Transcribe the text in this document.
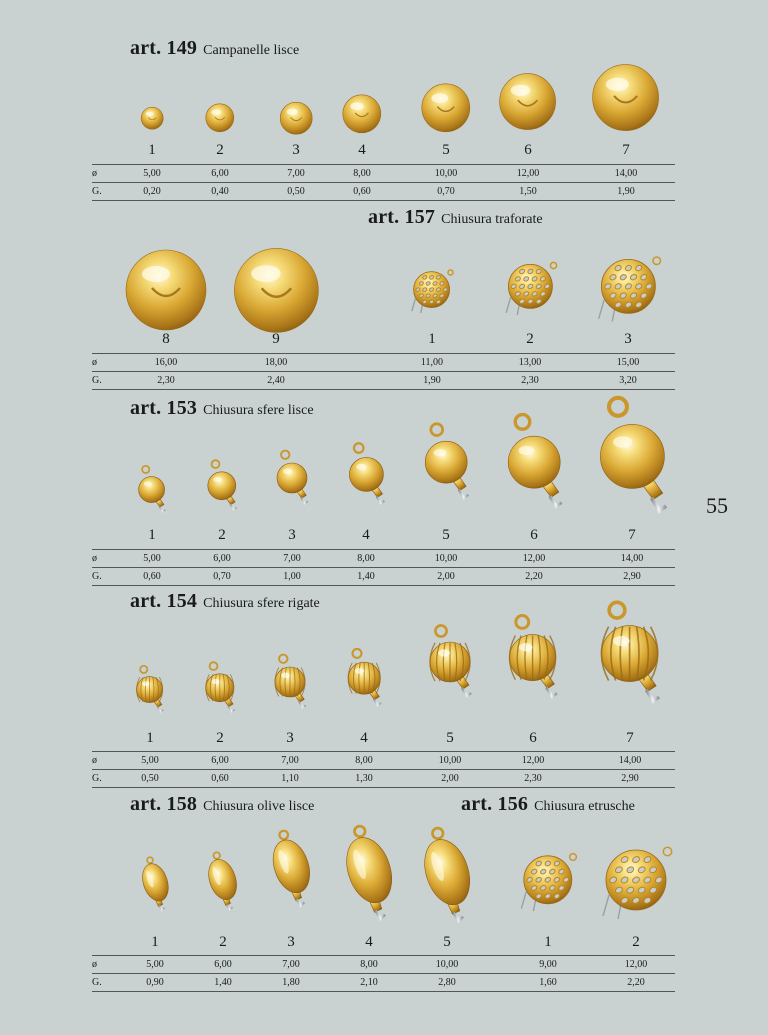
art. 149 Campanelle lisce
art. 157 Chiusura traforate
art. 153 Chiusura sfere lisce
art. 154 Chiusura sfere rigate
art. 158 Chiusura olive lisce	art. 156 Chiusura etrusche
55
ø
G.
ø
G.
ø
G.
ø
G.
ø
G.
1
5,00
0,20
2
6,00
0,40
3
7,00
0,50
4
8,00
0,60
5
10,00
0,70
6
12,00
1,50
7
14,00
1,90
8
16,00
2,30
9
18,00
2,40
1
11,00
1,90
2
13,00
2,30
3
15,00
3,20
1
5,00
0,60
2
6,00
0,70
3
7,00
1,00
4
8,00
1,40
5
10,00
2,00
6
12,00
2,20
7
14,00
2,90
1
5,00
0,50
2
6,00
0,60
3
7,00
1,10
4
8,00
1,30
5
10,00
2,00
6
12,00
2,30
7
14,00
2,90
1
5,00
0,90
2
6,00
1,40
3
7,00
1,80
4
8,00
2,10
5
10,00
2,80
1
9,00
1,60
2
12,00
2,20
